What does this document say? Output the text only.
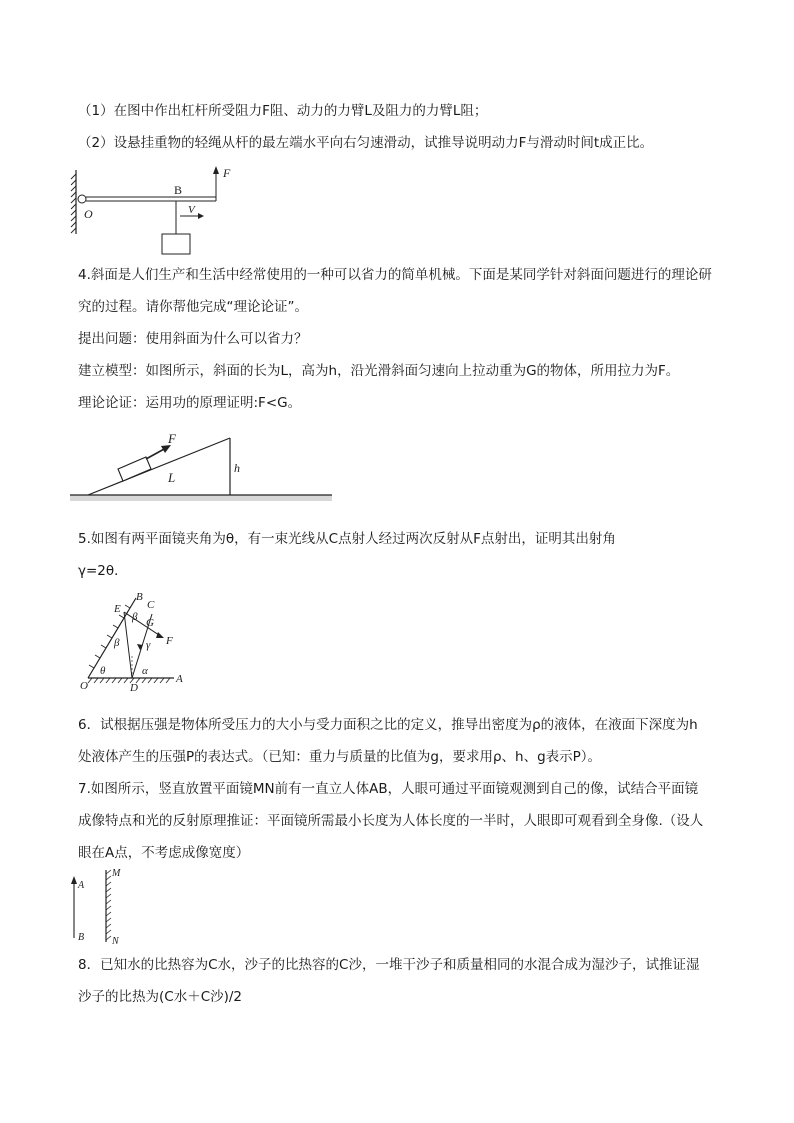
（1）在图中作出杠杆所受阻力F阻、动力的力臂L及阻力的力臂L阻；
（2）设悬挂重物的轻绳从杆的最左端水平向右匀速滑动，试推导说明动力F与滑动时间t成正比。
F
B
O	V
4.斜面是人们生产和生活中经常使用的一种可以省力的简单机械。下面是某同学针对斜面问题进行的理论研
究的过程。请你帮他完成“理论论证”。
提出问题：使用斜面为什么可以省力？
建立模型：如图所示，斜面的长为L，高为h，沿光滑斜面匀速向上拉动重为G的物体，所用拉力为F。
理论论证：运用功的原理证明:F<G。
F
L
h
5.如图有两平面镜夹角为θ，有一束光线从C点射人经过两次反射从F点射出，证明其出射角
γ=2θ．
B
C
E
β G
β γ F
θ	α
O	D
A
6．试根据压强是物体所受压力的大小与受力面积之比的定义，推导出密度为ρ的液体，在液面下深度为h
处液体产生的压强P的表达式。（已知：重力与质量的比值为g，要求用ρ、h、g表示P）。
7.如图所示，竖直放置平面镜MN前有一直立人体AB，人眼可通过平面镜观测到自己的像，试结合平面镜
成像特点和光的反射原理推证：平面镜所需最小长度为人体长度的一半时，人眼即可观看到全身像.（设人
眼在A点，不考虑成像宽度）
A
M
B	N
8．已知水的比热容为C水，沙子的比热容的C沙，一堆干沙子和质量相同的水混合成为湿沙子，试推证湿
沙子的比热为(C水＋C沙)/2
